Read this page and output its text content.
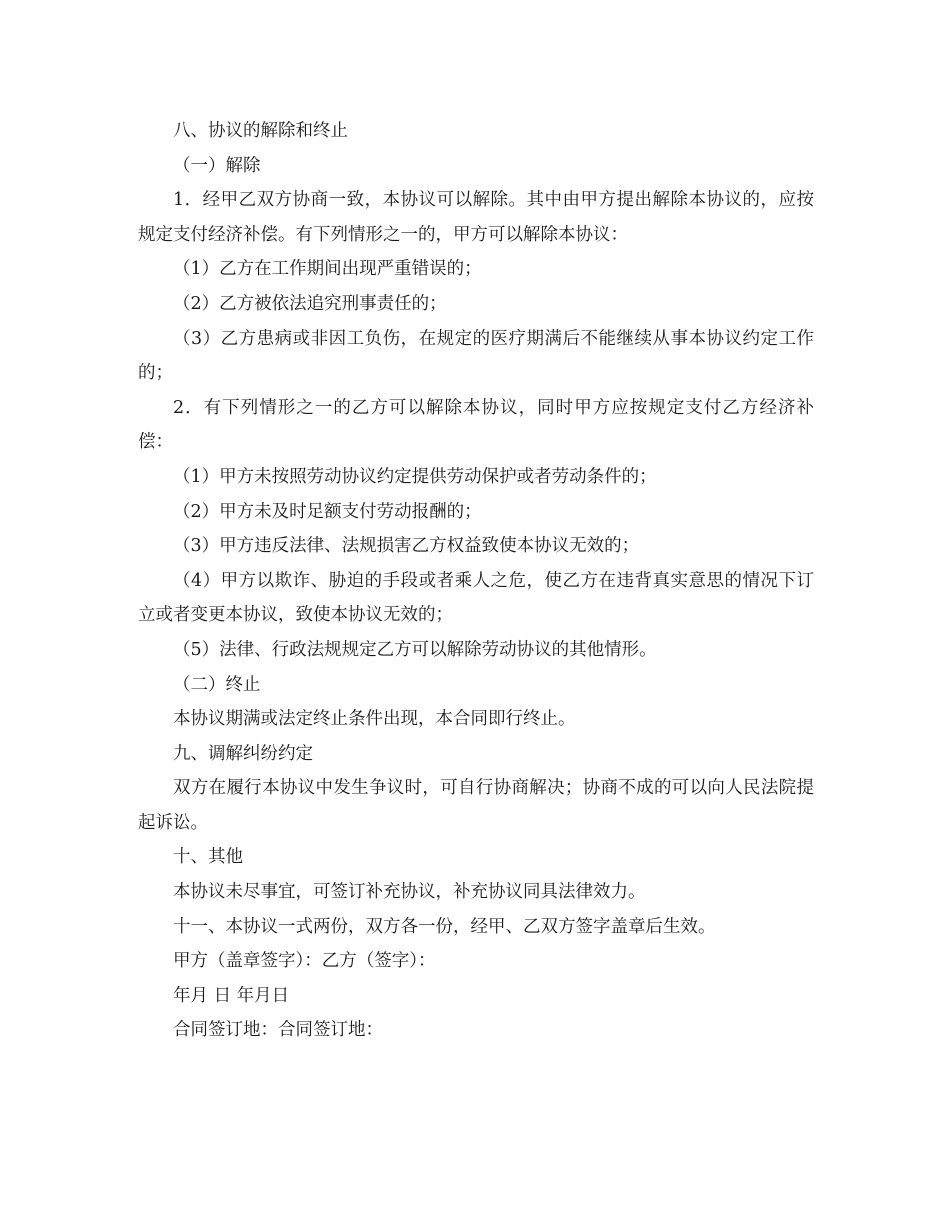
八、协议的解除和终止

（一）解除

1．经甲乙双方协商一致，本协议可以解除。其中由甲方提出解除本协议的，应按规定支付经济补偿。有下列情形之一的，甲方可以解除本协议：

（1）乙方在工作期间出现严重错误的；

（2）乙方被依法追究刑事责任的；

（3）乙方患病或非因工负伤，在规定的医疗期满后不能继续从事本协议约定工作的；

2．有下列情形之一的乙方可以解除本协议，同时甲方应按规定支付乙方经济补偿：

（1）甲方未按照劳动协议约定提供劳动保护或者劳动条件的；

（2）甲方未及时足额支付劳动报酬的；

（3）甲方违反法律、法规损害乙方权益致使本协议无效的；

（4）甲方以欺诈、胁迫的手段或者乘人之危，使乙方在违背真实意思的情况下订立或者变更本协议，致使本协议无效的；

（5）法律、行政法规规定乙方可以解除劳动协议的其他情形。

（二）终止

本协议期满或法定终止条件出现，本合同即行终止。

九、调解纠纷约定

双方在履行本协议中发生争议时，可自行协商解决；协商不成的可以向人民法院提起诉讼。

十、其他

本协议未尽事宜，可签订补充协议，补充协议同具法律效力。

十一、本协议一式两份，双方各一份，经甲、乙双方签字盖章后生效。

甲方（盖章签字）：乙方（签字）：

年月 日 年月日

合同签订地：合同签订地：
